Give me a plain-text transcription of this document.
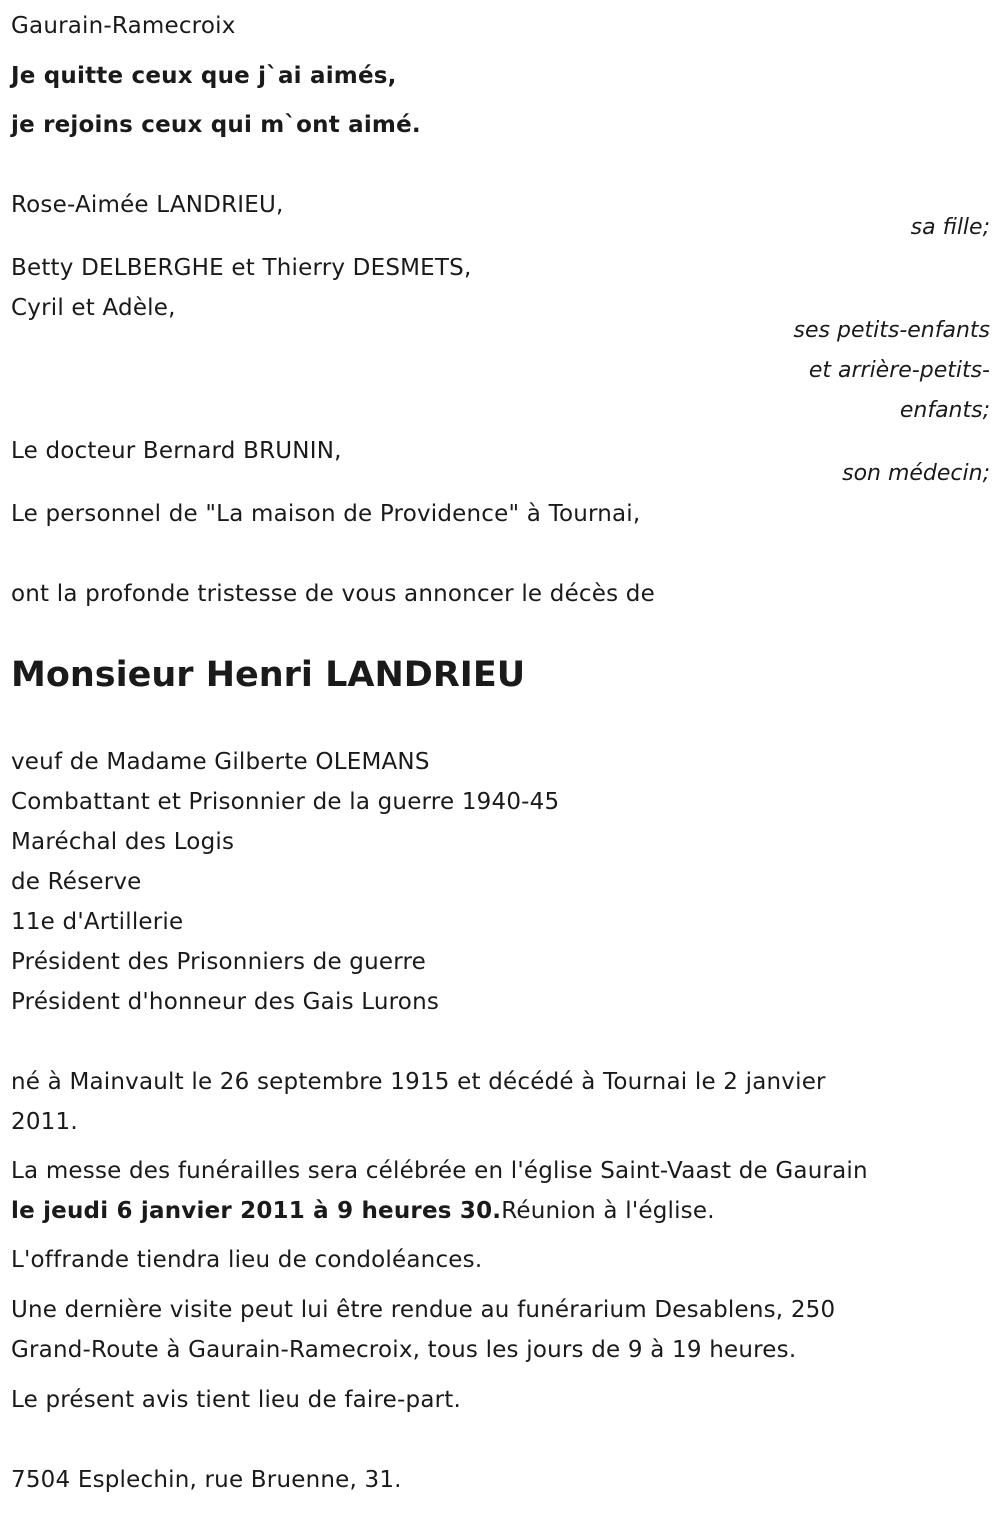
Gaurain-Ramecroix
Je quitte ceux que j`ai aimés,
je rejoins ceux qui m`ont aimé.
Rose-Aimée LANDRIEU,
sa fille;
Betty DELBERGHE et Thierry DESMETS,
Cyril et Adèle,
ses petits-enfants
et arrière-petits-
enfants;
Le docteur Bernard BRUNIN,
son médecin;
Le personnel de "La maison de Providence" à Tournai,
ont la profonde tristesse de vous annoncer le décès de
Monsieur Henri LANDRIEU
veuf de Madame Gilberte OLEMANS
Combattant et Prisonnier de la guerre 1940-45
Maréchal des Logis
de Réserve
11e d'Artillerie
Président des Prisonniers de guerre
Président d'honneur des Gais Lurons
né à Mainvault le 26 septembre 1915 et décédé à Tournai le 2 janvier
2011.
La messe des funérailles sera célébrée en l'église Saint-Vaast de Gaurain
le jeudi 6 janvier 2011 à 9 heures 30.Réunion à l'église.
L'offrande tiendra lieu de condoléances.
Une dernière visite peut lui être rendue au funérarium Desablens, 250
Grand-Route à Gaurain-Ramecroix, tous les jours de 9 à 19 heures.
Le présent avis tient lieu de faire-part.
7504 Esplechin, rue Bruenne, 31.
